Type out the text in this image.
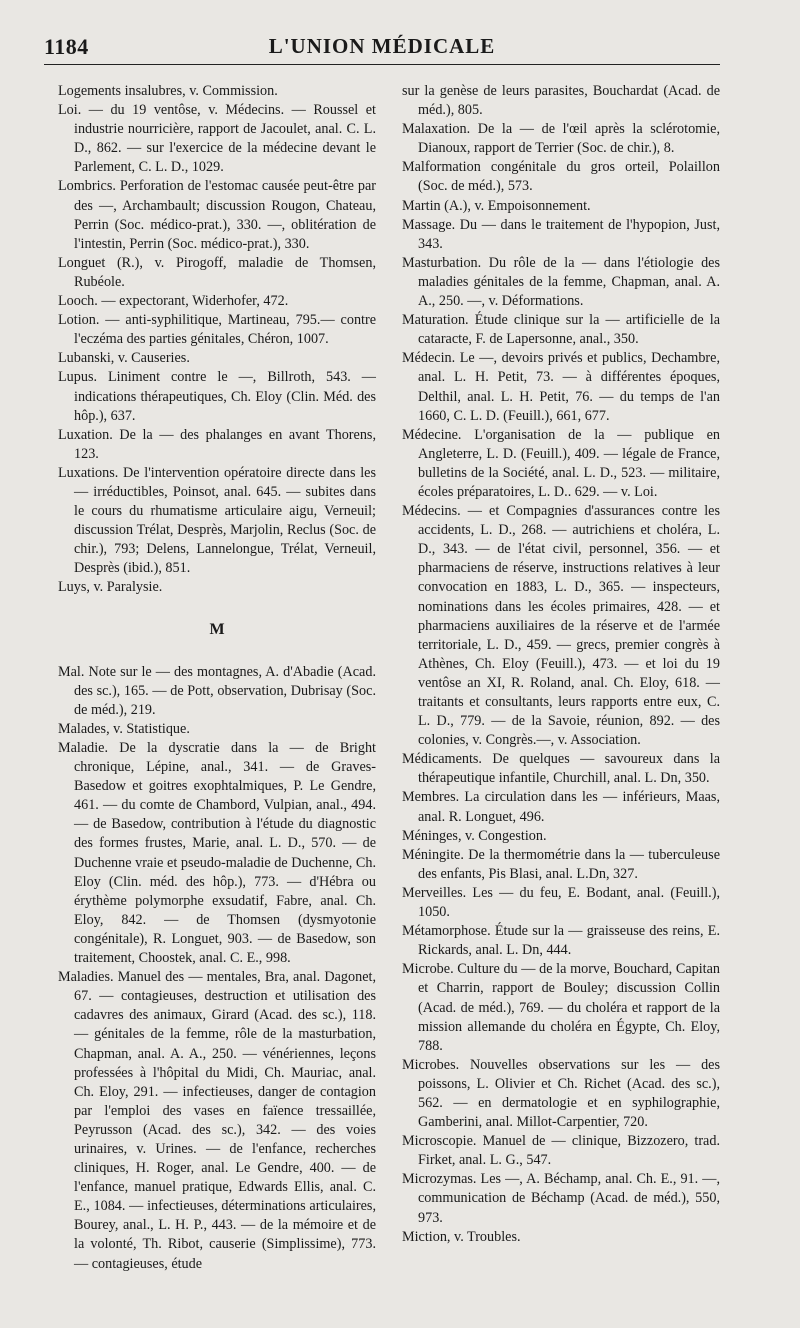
1184	L'UNION MÉDICALE

Logements insalubres, v. Commission.

Loi. — du 19 ventôse, v. Médecins. — Roussel et industrie nourricière, rapport de Jacoulet, anal. C. L. D., 862. — sur l'exercice de la médecine devant le Parlement, C. L. D., 1029.

Lombrics. Perforation de l'estomac causée peut-être par des —, Archambault; discussion Rougon, Chateau, Perrin (Soc. médico-prat.), 330. —, oblitération de l'intestin, Perrin (Soc. médico-prat.), 330.

Longuet (R.), v. Pirogoff, maladie de Thomsen, Rubéole.

Looch. — expectorant, Widerhofer, 472.

Lotion. — anti-syphilitique, Martineau, 795.— contre l'eczéma des parties génitales, Chéron, 1007.

Lubanski, v. Causeries.

Lupus. Liniment contre le —, Billroth, 543. — indications thérapeutiques, Ch. Eloy (Clin. Méd. des hôp.), 637.

Luxation. De la — des phalanges en avant Thorens, 123.

Luxations. De l'intervention opératoire directe dans les — irréductibles, Poinsot, anal. 645. — subites dans le cours du rhumatisme articulaire aigu, Verneuil; discussion Trélat, Desprès, Marjolin, Reclus (Soc. de chir.), 793; Delens, Lannelongue, Trélat, Verneuil, Desprès (ibid.), 851.

Luys, v. Paralysie.

M

Mal. Note sur le — des montagnes, A. d'Abadie (Acad. des sc.), 165. — de Pott, observation, Dubrisay (Soc. de méd.), 219.

Malades, v. Statistique.

Maladie. De la dyscratie dans la — de Bright chronique, Lépine, anal., 341. — de Graves-Basedow et goitres exophtalmiques, P. Le Gendre, 461. — du comte de Chambord, Vulpian, anal., 494. — de Basedow, contribution à l'étude du diagnostic des formes frustes, Marie, anal. L. D., 570. — de Duchenne vraie et pseudo-maladie de Duchenne, Ch. Eloy (Clin. méd. des hôp.), 773. — d'Hébra ou érythème polymorphe exsudatif, Fabre, anal. Ch. Eloy, 842. — de Thomsen (dysmyotonie congénitale), R. Longuet, 903. — de Basedow, son traitement, Choostek, anal. C. E., 998.

Maladies. Manuel des — mentales, Bra, anal. Dagonet, 67. — contagieuses, destruction et utilisation des cadavres des animaux, Girard (Acad. des sc.), 118. — génitales de la femme, rôle de la masturbation, Chapman, anal. A. A., 250. — vénériennes, leçons professées à l'hôpital du Midi, Ch. Mauriac, anal. Ch. Eloy, 291. — infectieuses, danger de contagion par l'emploi des vases en faïence tressaillée, Peyrusson (Acad. des sc.), 342. — des voies urinaires, v. Urines. — de l'enfance, recherches cliniques, H. Roger, anal. Le Gendre, 400. — de l'enfance, manuel pratique, Edwards Ellis, anal. C. E., 1084. — infectieuses, déterminations articulaires, Bourey, anal., L. H. P., 443. — de la mémoire et de la volonté, Th. Ribot, causerie (Simplissime), 773. — contagieuses, étude

sur la genèse de leurs parasites, Bouchardat (Acad. de méd.), 805.

Malaxation. De la — de l'œil après la sclérotomie, Dianoux, rapport de Terrier (Soc. de chir.), 8.

Malformation congénitale du gros orteil, Polaillon (Soc. de méd.), 573.

Martin (A.), v. Empoisonnement.

Massage. Du — dans le traitement de l'hypopion, Just, 343.

Masturbation. Du rôle de la — dans l'étiologie des maladies génitales de la femme, Chapman, anal. A. A., 250. —, v. Déformations.

Maturation. Étude clinique sur la — artificielle de la cataracte, F. de Lapersonne, anal., 350.

Médecin. Le —, devoirs privés et publics, Dechambre, anal. L. H. Petit, 73. — à différentes époques, Delthil, anal. L. H. Petit, 76. — du temps de l'an 1660, C. L. D. (Feuill.), 661, 677.

Médecine. L'organisation de la — publique en Angleterre, L. D. (Feuill.), 409. — légale de France, bulletins de la Société, anal. L. D., 523. — militaire, écoles préparatoires, L. D.. 629. — v. Loi.

Médecins. — et Compagnies d'assurances contre les accidents, L. D., 268. — autrichiens et choléra, L. D., 343. — de l'état civil, personnel, 356. — et pharmaciens de réserve, instructions relatives à leur convocation en 1883, L. D., 365. — inspecteurs, nominations dans les écoles primaires, 428. — et pharmaciens auxiliaires de la réserve et de l'armée territoriale, L. D., 459. — grecs, premier congrès à Athènes, Ch. Eloy (Feuill.), 473. — et loi du 19 ventôse an XI, R. Roland, anal. Ch. Eloy, 618. — traitants et consultants, leurs rapports entre eux, C. L. D., 779. — de la Savoie, réunion, 892. — des colonies, v. Congrès.—, v. Association.

Médicaments. De quelques — savoureux dans la thérapeutique infantile, Churchill, anal. L. Dn, 350.

Membres. La circulation dans les — inférieurs, Maas, anal. R. Longuet, 496.

Méninges, v. Congestion.

Méningite. De la thermométrie dans la — tuberculeuse des enfants, Pis Blasi, anal. L.Dn, 327.

Merveilles. Les — du feu, E. Bodant, anal. (Feuill.), 1050.

Métamorphose. Étude sur la — graisseuse des reins, E. Rickards, anal. L. Dn, 444.

Microbe. Culture du — de la morve, Bouchard, Capitan et Charrin, rapport de Bouley; discussion Collin (Acad. de méd.), 769. — du choléra et rapport de la mission allemande du choléra en Égypte, Ch. Eloy, 788.

Microbes. Nouvelles observations sur les — des poissons, L. Olivier et Ch. Richet (Acad. des sc.), 562. — en dermatologie et en syphilographie, Gamberini, anal. Millot-Carpentier, 720.

Microscopie. Manuel de — clinique, Bizzozero, trad. Firket, anal. L. G., 547.

Microzymas. Les —, A. Béchamp, anal. Ch. E., 91. —, communication de Béchamp (Acad. de méd.), 550, 973.

Miction, v. Troubles.
